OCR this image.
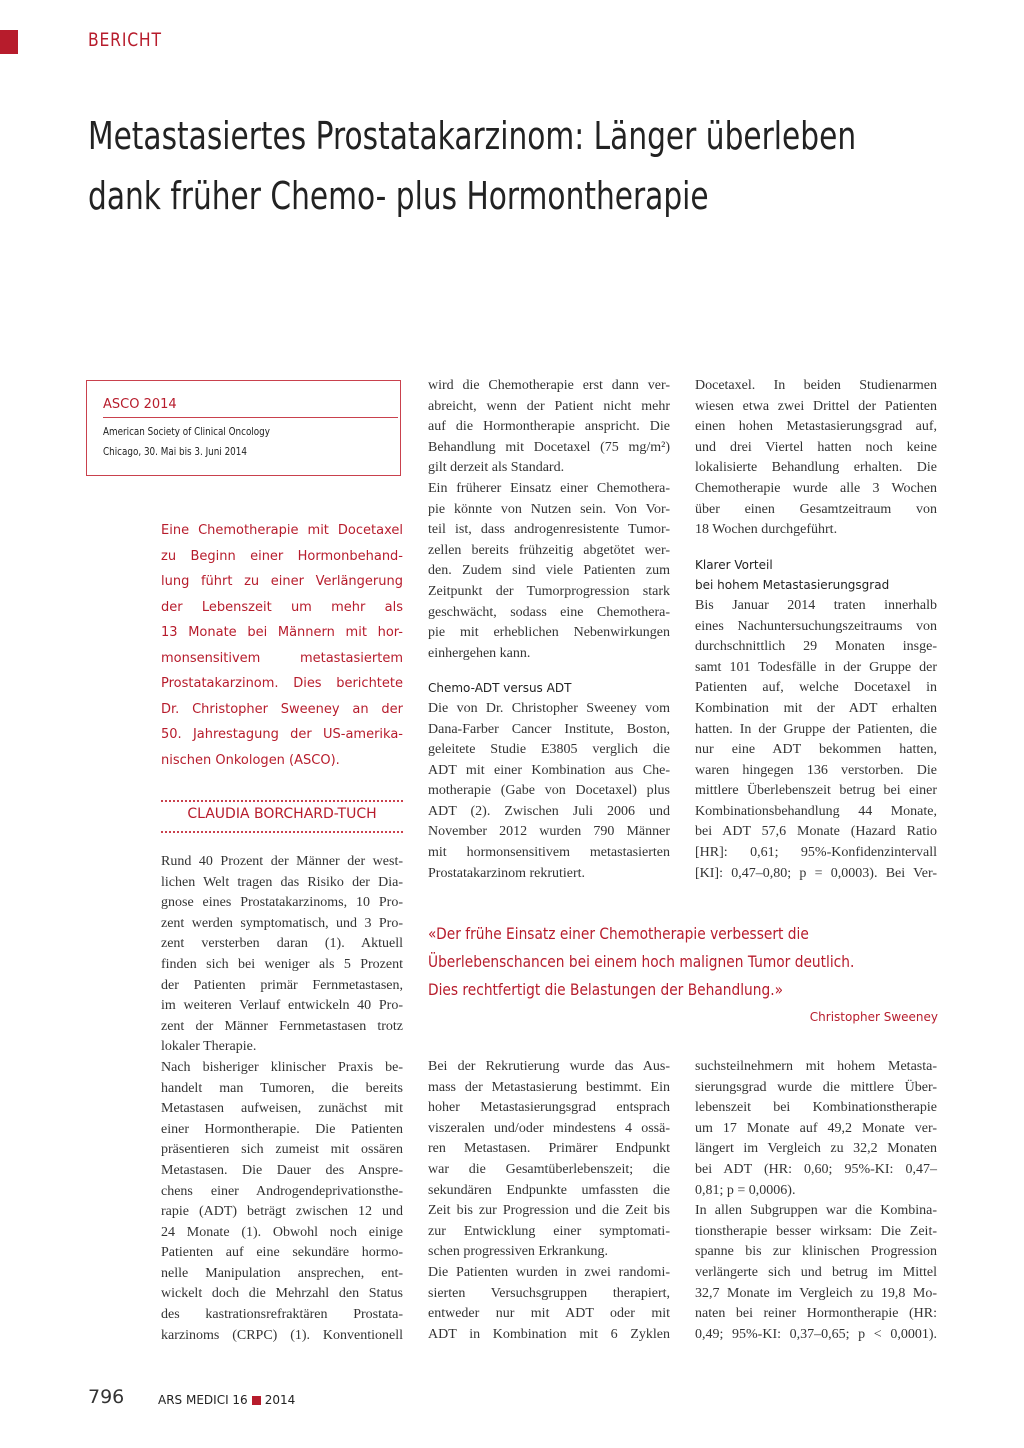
BERICHT
Metastasiertes Prostatakarzinom: Länger überleben
dank früher Chemo- plus Hormontherapie
ASCO 2014
American Society of Clinical Oncology
Chicago, 30. Mai bis 3. Juni 2014
Eine Chemotherapie mit Docetaxel
zu Beginn einer Hormonbehand-
lung führt zu einer Verlängerung
der Lebenszeit um mehr als
13 Monate bei Männern mit hor-
monsensitivem metastasiertem
Prostatakarzinom. Dies berichtete
Dr. Christopher Sweeney an der
50. Jahrestagung der US-amerika-
nischen Onkologen (ASCO).
CLAUDIA BORCHARD-TUCH
Rund 40 Prozent der Männer der west-
lichen Welt tragen das Risiko der Dia-
gnose eines Prostatakarzinoms, 10 Pro-
zent werden symptomatisch, und 3 Pro-
zent versterben daran (1). Aktuell
finden sich bei weniger als 5 Prozent
der Patienten primär Fernmetastasen,
im weiteren Verlauf entwickeln 40 Pro-
zent der Männer Fernmetastasen trotz
lokaler Therapie.
Nach bisheriger klinischer Praxis be-
handelt man Tumoren, die bereits
Metastasen aufweisen, zunächst mit
einer Hormontherapie. Die Patienten
präsentieren sich zumeist mit ossären
Metastasen. Die Dauer des Anspre-
chens einer Androgendeprivationsthe-
rapie (ADT) beträgt zwischen 12 und
24 Monate (1). Obwohl noch einige
Patienten auf eine sekundäre hormo-
nelle Manipulation ansprechen, ent-
wickelt doch die Mehrzahl den Status
des kastrationsrefraktären Prostata-
karzinoms (CRPC) (1). Konventionell
wird die Chemotherapie erst dann ver-
abreicht, wenn der Patient nicht mehr
auf die Hormontherapie anspricht. Die
Behandlung mit Docetaxel (75 mg/m²)
gilt derzeit als Standard.
Ein früherer Einsatz einer Chemothera-
pie könnte von Nutzen sein. Von Vor-
teil ist, dass androgenresistente Tumor-
zellen bereits frühzeitig abgetötet wer-
den. Zudem sind viele Patienten zum
Zeitpunkt der Tumorprogression stark
geschwächt, sodass eine Chemothera-
pie mit erheblichen Nebenwirkungen
einhergehen kann.
Chemo-ADT versus ADT
Die von Dr. Christopher Sweeney vom
Dana-Farber Cancer Institute, Boston,
geleitete Studie E3805 verglich die
ADT mit einer Kombination aus Che-
motherapie (Gabe von Docetaxel) plus
ADT (2). Zwischen Juli 2006 und
November 2012 wurden 790 Männer
mit hormonsensitivem metastasierten
Prostatakarzinom rekrutiert.
Docetaxel. In beiden Studienarmen
wiesen etwa zwei Drittel der Patienten
einen hohen Metastasierungsgrad auf,
und drei Viertel hatten noch keine
lokalisierte Behandlung erhalten. Die
Chemotherapie wurde alle 3 Wochen
über einen Gesamtzeitraum von
18 Wochen durchgeführt.
Klarer Vorteil
bei hohem Metastasierungsgrad
Bis Januar 2014 traten innerhalb
eines Nachuntersuchungszeitraums von
durchschnittlich 29 Monaten insge-
samt 101 Todesfälle in der Gruppe der
Patienten auf, welche Docetaxel in
Kombination mit der ADT erhalten
hatten. In der Gruppe der Patienten, die
nur eine ADT bekommen hatten,
waren hingegen 136 verstorben. Die
mittlere Überlebenszeit betrug bei einer
Kombinationsbehandlung 44 Monate,
bei ADT 57,6 Monate (Hazard Ratio
[HR]: 0,61; 95%-Konfidenzintervall
[KI]: 0,47–0,80; p = 0,0003). Bei Ver-
«Der frühe Einsatz einer Chemotherapie verbessert die
Überlebenschancen bei einem hoch malignen Tumor deutlich.
Dies rechtfertigt die Belastungen der Behandlung.»
Christopher Sweeney
Bei der Rekrutierung wurde das Aus-
mass der Metastasierung bestimmt. Ein
hoher Metastasierungsgrad entsprach
viszeralen und/oder mindestens 4 ossä-
ren Metastasen. Primärer Endpunkt
war die Gesamtüberlebenszeit; die
sekundären Endpunkte umfassten die
Zeit bis zur Progression und die Zeit bis
zur Entwicklung einer symptomati-
schen progressiven Erkrankung.
Die Patienten wurden in zwei randomi-
sierten Versuchsgruppen therapiert,
entweder nur mit ADT oder mit
ADT in Kombination mit 6 Zyklen
suchsteilnehmern mit hohem Metasta-
sierungsgrad wurde die mittlere Über-
lebenszeit bei Kombinationstherapie
um 17 Monate auf 49,2 Monate ver-
längert im Vergleich zu 32,2 Monaten
bei ADT (HR: 0,60; 95%-KI: 0,47–
0,81; p = 0,0006).
In allen Subgruppen war die Kombina-
tionstherapie besser wirksam: Die Zeit-
spanne bis zur klinischen Progression
verlängerte sich und betrug im Mittel
32,7 Monate im Vergleich zu 19,8 Mo-
naten bei reiner Hormontherapie (HR:
0,49; 95%-KI: 0,37–0,65; p < 0,0001).
796	ARS MEDICI 16 2014
